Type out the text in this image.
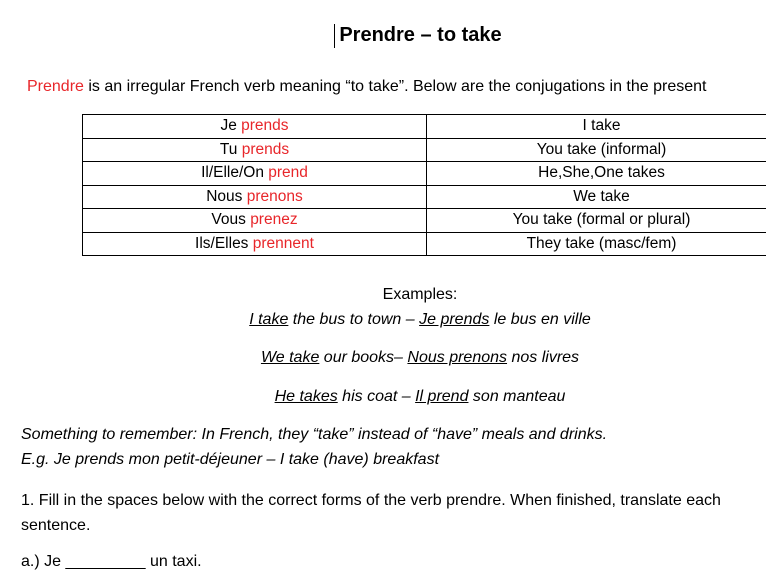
Prendre – to take
Prendre is an irregular French verb meaning “to take”. Below are the conjugations in the present
Je prends	I take
Tu prends	You take (informal)
Il/Elle/On prend	He,She,One takes
Nous prenons	We take
Vous prenez	You take (formal or plural)
Ils/Elles prennent	They take (masc/fem)
Examples:
I take the bus to town – Je prends le bus en ville
We take our books– Nous prenons nos livres
He takes his coat – Il prend son manteau
Something to remember: In French, they “take” instead of “have” meals and drinks.
E.g. Je prends mon petit-déjeuner – I take (have) breakfast
1. Fill in the spaces below with the correct forms of the verb prendre. When finished, translate each
sentence.
a.) Je _________ un taxi.
